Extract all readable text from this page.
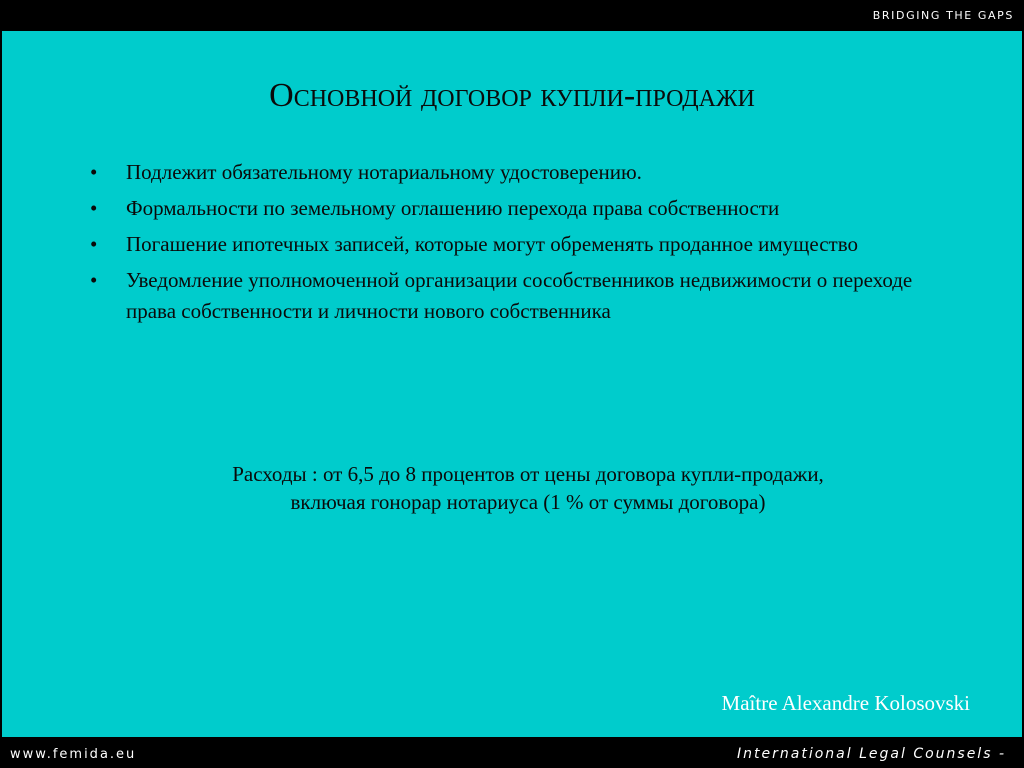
BRIDGING THE GAPS
Основной договор купли-продажи
• Подлежит обязательному нотариальному удостоверению.
• Формальности по земельному оглашению перехода права собственности
• Погашение ипотечных записей, которые могут обременять проданное имущество
• Уведомление уполномоченной организации сособственников недвижимости о переходе права собственности и личности нового собственника

Расходы : от 6,5 до 8 процентов от цены договора купли-продажи,
включая гонорар нотариуса (1 % от суммы договора)

Maître Alexandre Kolosovski
www.femida.eu	International Legal Counsels -
